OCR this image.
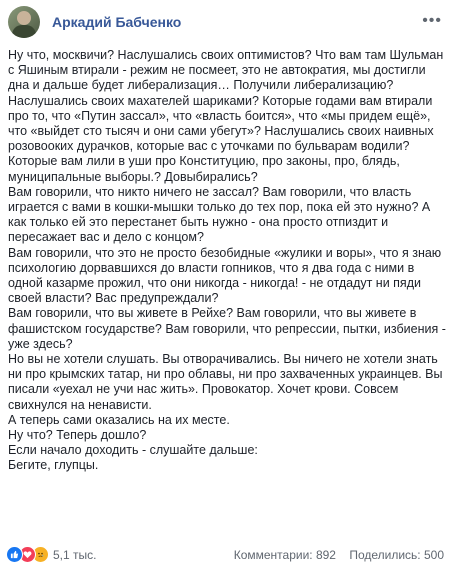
Аркадий Бабченко	•••

Ну что, москвичи? Наслушались своих оптимистов? Что вам там Шульман с Яшиным втирали - режим не посмеет, это не автократия, мы достигли дна и дальше будет либерализация… Получили либерализацию?

Наслушались своих махателей шариками? Которые годами вам втирали про то, что «Путин зассал», что «власть боится», что «мы придем ещё», что «выйдет сто тысяч и они сами убегут»? Наслушались своих наивных розовооких дурачков, которые вас с уточками по бульварам водили?

Которые вам лили в уши про Конституцию, про законы, про, блядь, муниципальные выборы.? Довыбирались?

Вам говорили, что никто ничего не зассал? Вам говорили, что власть играется с вами в кошки-мышки только до тех пор, пока ей это нужно? А как только ей это перестанет быть нужно - она просто отпиздит и пересажает вас и дело с концом?

Вам говорили, что это не просто безобидные «жулики и воры», что я знаю психологию дорвавшихся до власти гопников, что я два года с ними в одной казарме прожил, что они никогда - никогда! - не отдадут ни пяди своей власти? Вас предупреждали?

Вам говорили, что вы живете в Рейхе? Вам говорили, что вы живете в фашистском государстве? Вам говорили, что репрессии, пытки, избиения - уже здесь?

Но вы не хотели слушать. Вы отворачивались. Вы ничего не хотели знать ни про крымских татар, ни про облавы, ни про захваченных украинцев. Вы писали «уехал не учи нас жить». Провокатор. Хочет крови. Совсем свихнулся на ненависти.

А теперь сами оказались на их месте.

Ну что? Теперь дошло?

Если начало доходить - слушайте дальше:

Бегите, глупцы.

5,1 тыс.	Комментарии: 892 Поделились: 500
